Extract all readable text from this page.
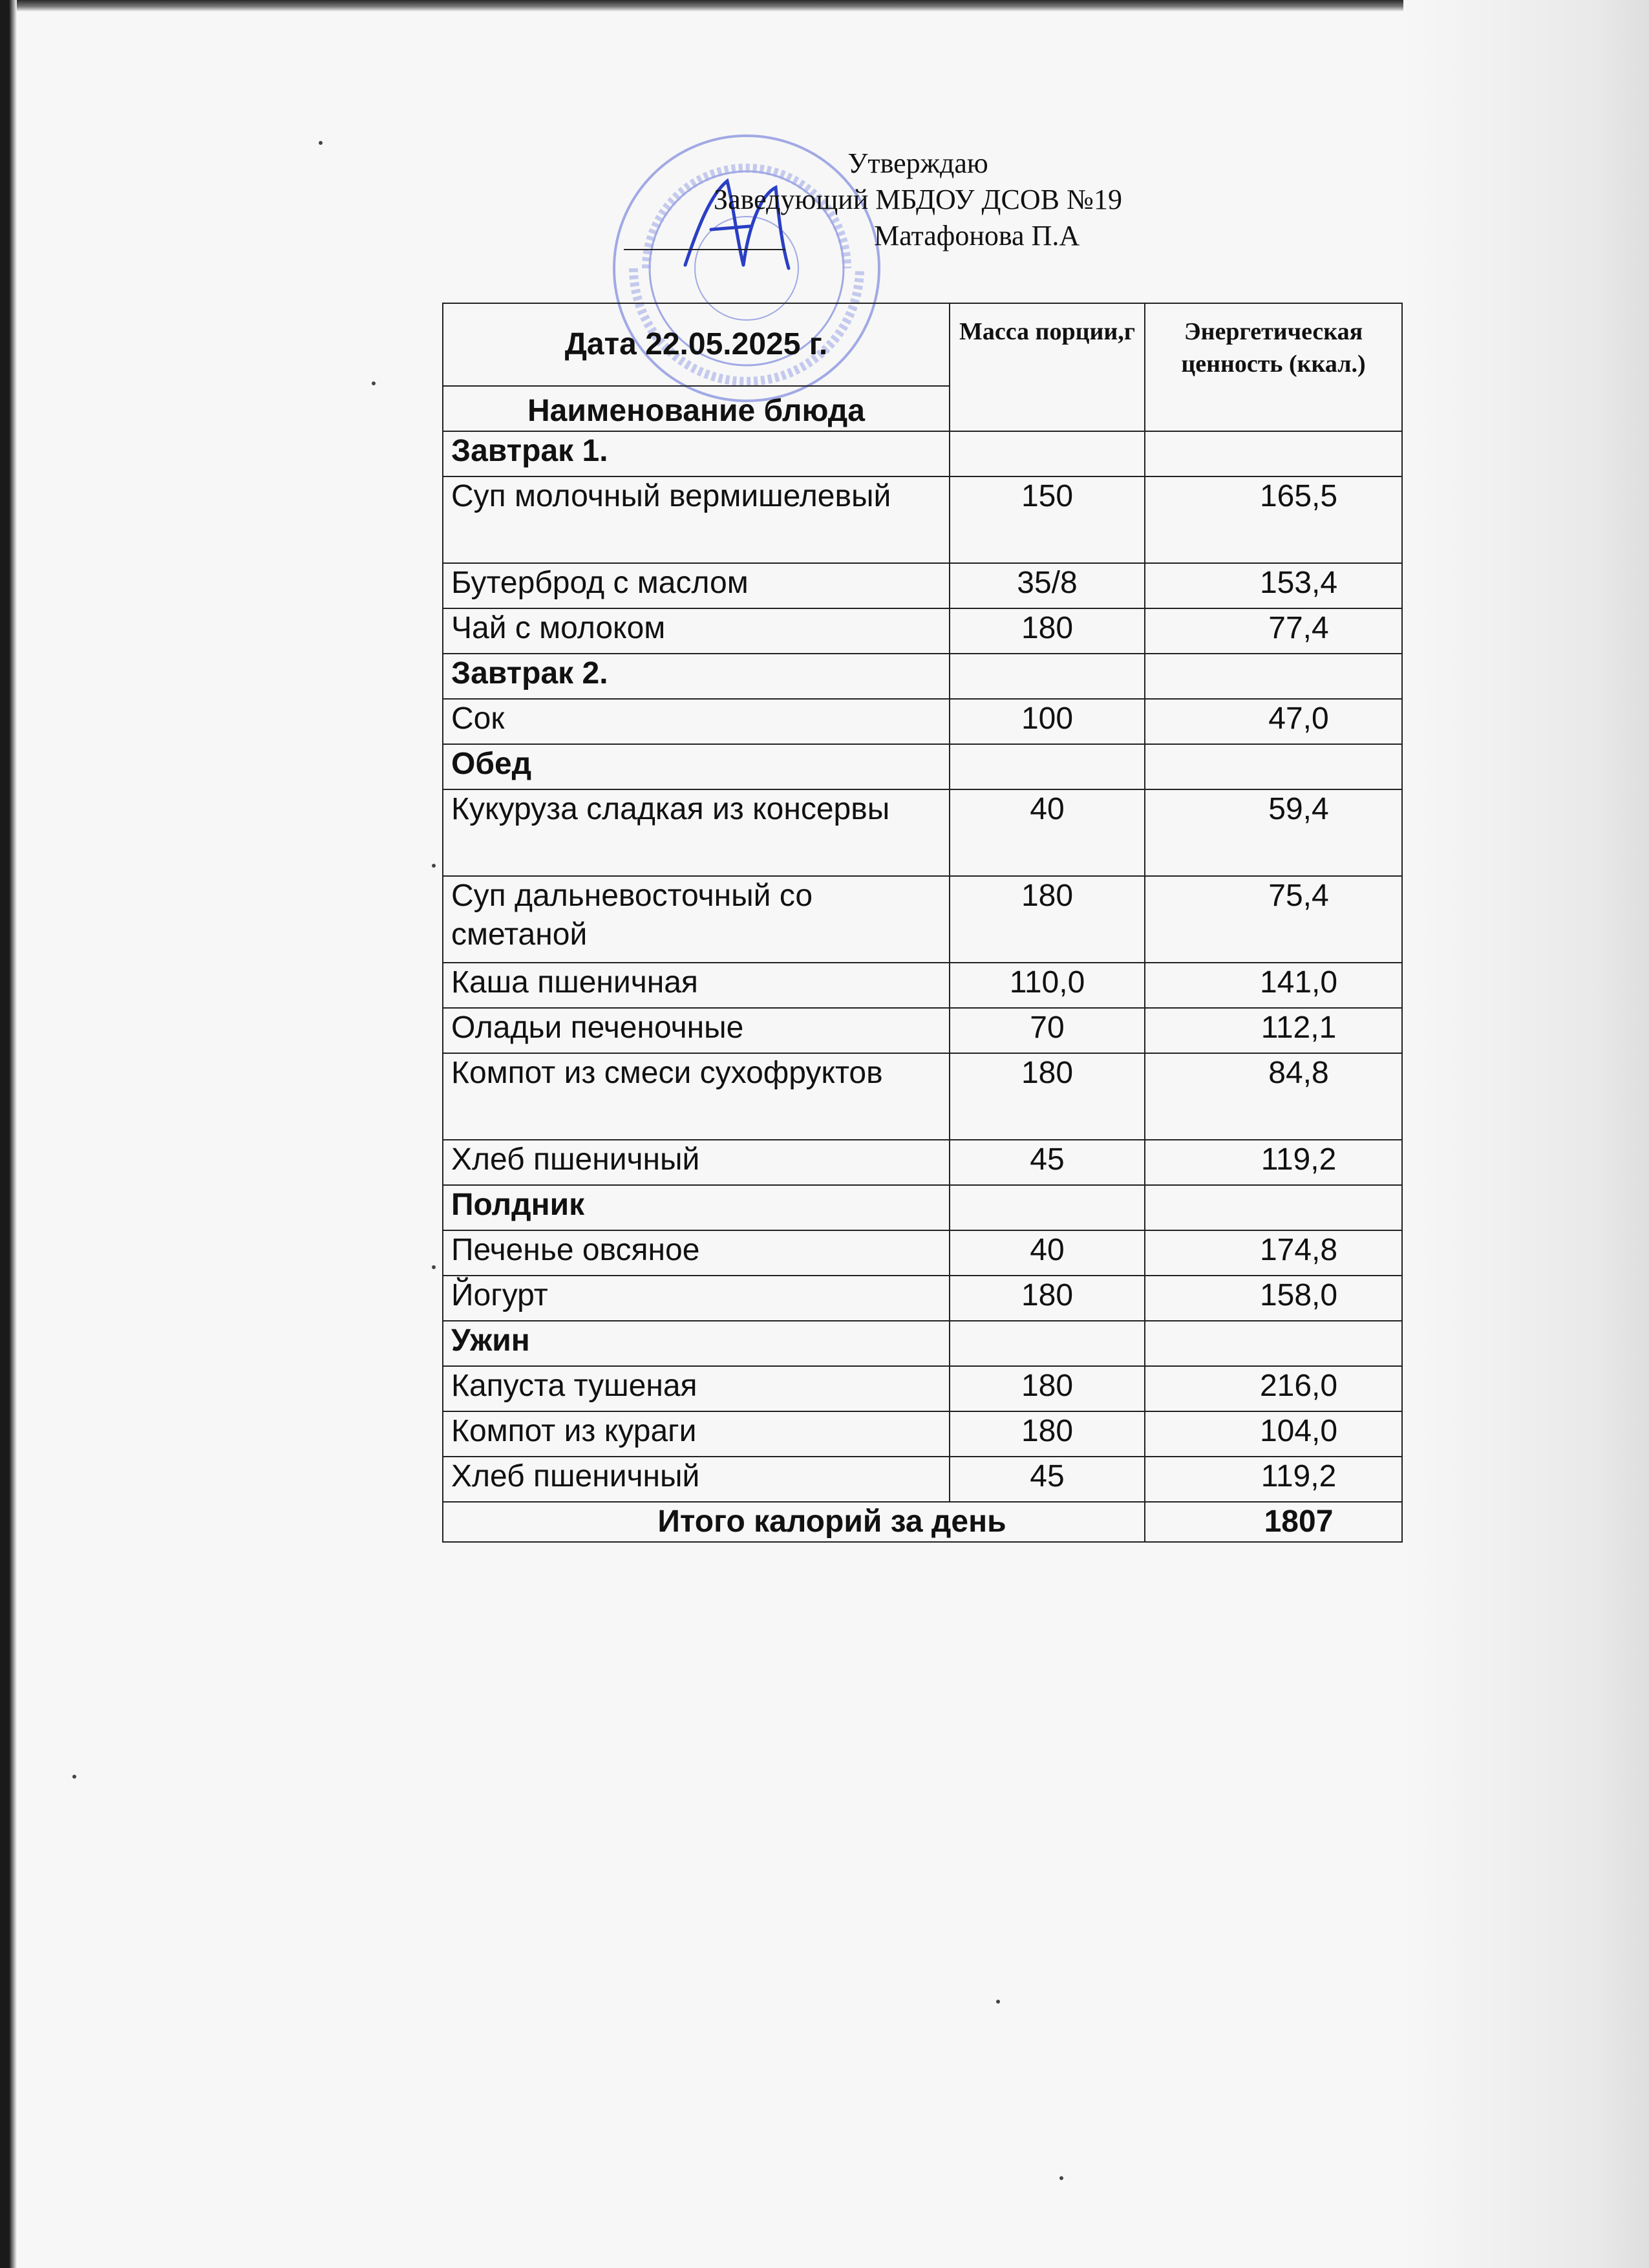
Утверждаю
Заведующий МБДОУ ДСОВ №19
Матафонова П.А
Дата 22.05.2025 г.	Масса порции,г	Энергетическая ценность (ккал.)
Наименование блюда		
Завтрак 1.		
Суп молочный вермишелевый	150	165,5
Бутерброд с маслом	35/8	153,4
Чай с молоком	180	77,4
Завтрак 2.		
Сок	100	47,0
Обед		
Кукуруза сладкая из консервы	40	59,4
Суп дальневосточный со сметаной	180	75,4
Каша пшеничная	110,0	141,0
Оладьи печеночные	70	112,1
Компот из смеси сухофруктов	180	84,8
Хлеб пшеничный	45	119,2
Полдник		
Печенье овсяное	40	174,8
Йогурт	180	158,0
Ужин		
Капуста тушеная	180	216,0
Компот из кураги	180	104,0
Хлеб пшеничный	45	119,2
Итого калорий за день		1807
